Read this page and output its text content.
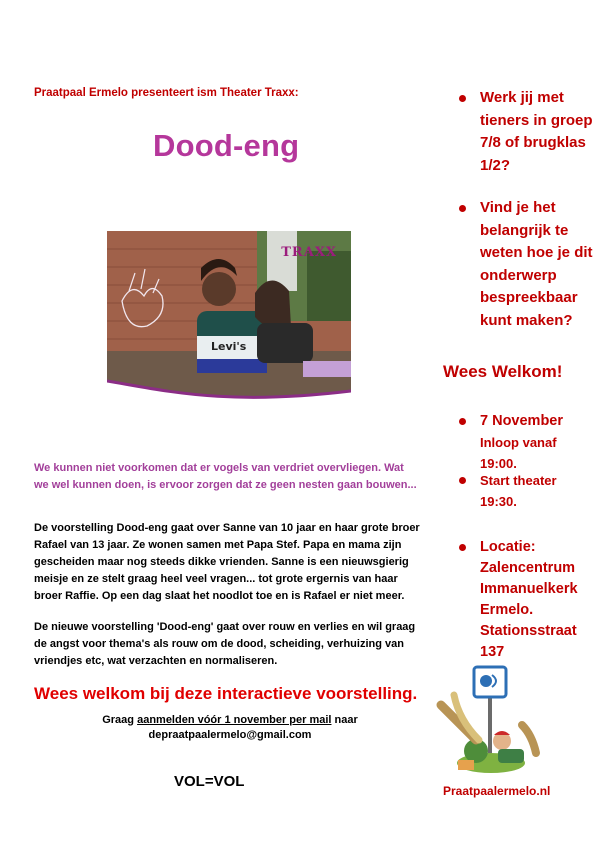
Praatpaal Ermelo presenteert ism Theater Traxx:
Dood-eng
Levi's
TRAXX
We kunnen niet voorkomen dat er vogels van verdriet overvliegen. Wat we wel kunnen doen, is ervoor zorgen dat ze geen nesten gaan bouwen...
De voorstelling Dood-eng gaat over Sanne van 10 jaar en haar grote broer Rafael van 13 jaar. Ze wonen samen met Papa Stef. Papa en mama zijn gescheiden maar nog steeds dikke vrienden. Sanne is een nieuwsgierig meisje en ze stelt graag heel veel vragen... tot grote ergernis van haar broer Raffie. Op een dag slaat het noodlot toe en is Rafael er niet meer.
De nieuwe voorstelling 'Dood-eng' gaat over rouw en verlies en wil graag de angst voor thema's als rouw om de dood, scheiding, verhuizing van vriendjes etc, wat verzachten en normaliseren.
Wees welkom bij deze interactieve voorstelling.
Graag aanmelden vóór 1 november per mail naar
depraatpaalermelo@gmail.com
VOL=VOL
Werk jij met tieners in groep 7/8 of brugklas 1/2?
Vind je het belangrijk te weten hoe je dit onderwerp bespreekbaar kunt maken?
Wees Welkom!
7 November
Inloop vanaf 19:00.
Start theater 19:30.
Locatie:
Zalencentrum Immanuelkerk Ermelo.
Stationsstraat 137
Praatpaalermelo.nl
